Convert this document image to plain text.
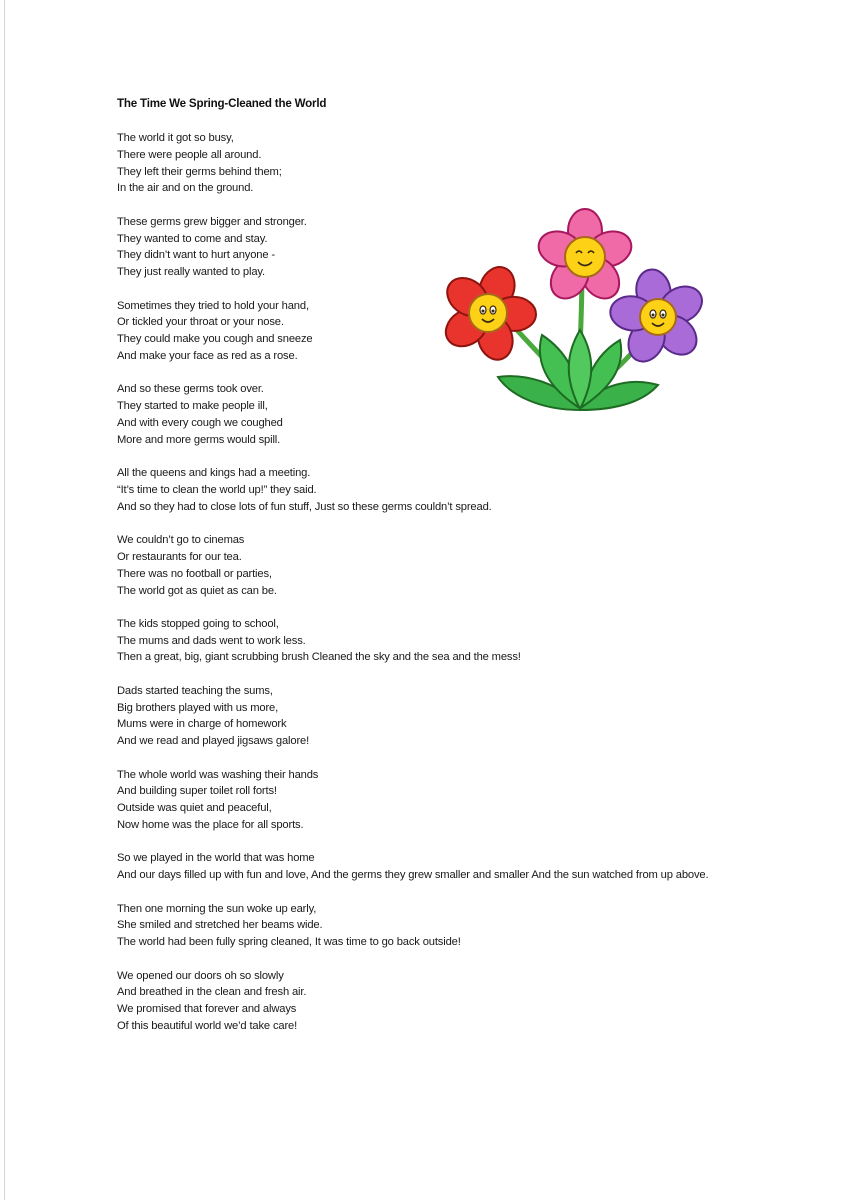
The Time We Spring-Cleaned the World
The world it got so busy,
There were people all around.
They left their germs behind them;
In the air and on the ground.
These germs grew bigger and stronger.
They wanted to come and stay.
They didn’t want to hurt anyone -
They just really wanted to play.
Sometimes they tried to hold your hand,
Or tickled your throat or your nose.
They could make you cough and sneeze
And make your face as red as a rose.
And so these germs took over.
They started to make people ill,
And with every cough we coughed
More and more germs would spill.
All the queens and kings had a meeting.
“It’s time to clean the world up!” they said.
And so they had to close lots of fun stuff, Just so these germs couldn’t spread.
We couldn’t go to cinemas
Or restaurants for our tea.
There was no football or parties,
The world got as quiet as can be.
The kids stopped going to school,
The mums and dads went to work less.
Then a great, big, giant scrubbing brush Cleaned the sky and the sea and the mess!
Dads started teaching the sums,
Big brothers played with us more,
Mums were in charge of homework
And we read and played jigsaws galore!
The whole world was washing their hands
And building super toilet roll forts!
Outside was quiet and peaceful,
Now home was the place for all sports.
So we played in the world that was home
And our days filled up with fun and love, And the germs they grew smaller and smaller And the sun watched from up above.
Then one morning the sun woke up early,
She smiled and stretched her beams wide.
The world had been fully spring cleaned, It was time to go back outside!
We opened our doors oh so slowly
And breathed in the clean and fresh air.
We promised that forever and always
Of this beautiful world we’d take care!
